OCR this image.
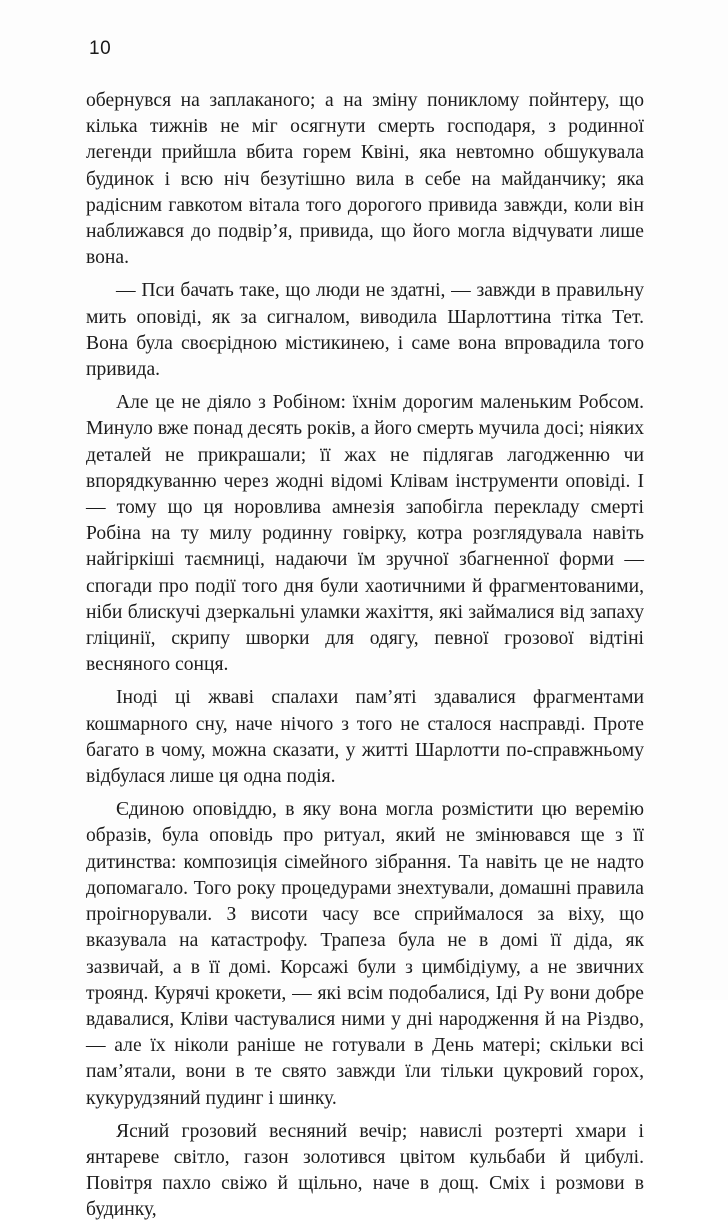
10

обернувся на заплаканого; а на зміну поникломy пойнтеру, що кілька тижнів не міг осягнути смерть господаря, з родинної легенди прийшла вбита горем Квіні, яка невтомно обшукувала будинок і всю ніч безутішно вила в себе на майданчику; яка радісним гавкотом вітала того дорогого привида завжди, коли він наближався до подвір’я, привида, що його могла відчувати лише вона.

— Пси бачать таке, що люди не здатні, — завжди в правильну мить оповіді, як за сигналом, виводила Шарлоттина тітка Тет. Вона була своєрідною містикинею, і саме вона впровадила того привида.

Але це не діяло з Робіном: їхнім дорогим маленьким Робсом. Минуло вже понад десять років, а його смерть мучила досі; ніяких деталей не прикрашали; її жах не підлягав лагодженню чи впорядкуванню через жодні відомі Клівам інструменти оповіді. І — тому що ця норовлива амнезія запобігла перекладу смерті Робіна на ту милу родинну говірку, котра розглядувала навіть найгіркіші таємниці, надаючи їм зручної збагненної форми — спогади про події того дня були хаотичними й фрагментованими, ніби блискучі дзеркальні уламки жахіття, які займалися від запаху гліцинії, скрипу шворки для одягу, певної грозової відтіні весняного сонця.

Іноді ці жваві спалахи пам’яті здавалися фрагментами кошмарного сну, наче нічого з того не сталося насправді. Проте багато в чому, можна сказати, у житті Шарлотти по-справжньому відбулася лише ця одна подія.

Єдиною оповіддю, в яку вона могла розмістити цю веремію образів, була оповідь про ритуал, який не змінювався ще з її дитинства: композиція сімейного зібрання. Та навіть це не надто допомагало. Того року процедурами знехтували, домашні правила проігнорували. З висоти часу все сприймалося за віху, що вказувала на катастрофу. Трапеза була не в домі її діда, як зазвичай, а в її домі. Корсажі були з цимбідіуму, а не звичних троянд. Курячі крокети, — які всім подобалися, Іді Ру вони добре вдавалися, Кліви частувалися ними у дні народження й на Різдво, — але їх ніколи раніше не готували в День матері; скільки всі пам’ятали, вони в те свято завжди їли тільки цукровий горох, кукурудзяний пудинг і шинку.

Ясний грозовий весняний вечір; навислі розтерті хмари і янтареве світло, газон золотився цвітом кульбаби й цибулі. Повітря пахло свіжо й щільно, наче в дощ. Сміх і розмови в будинку,
